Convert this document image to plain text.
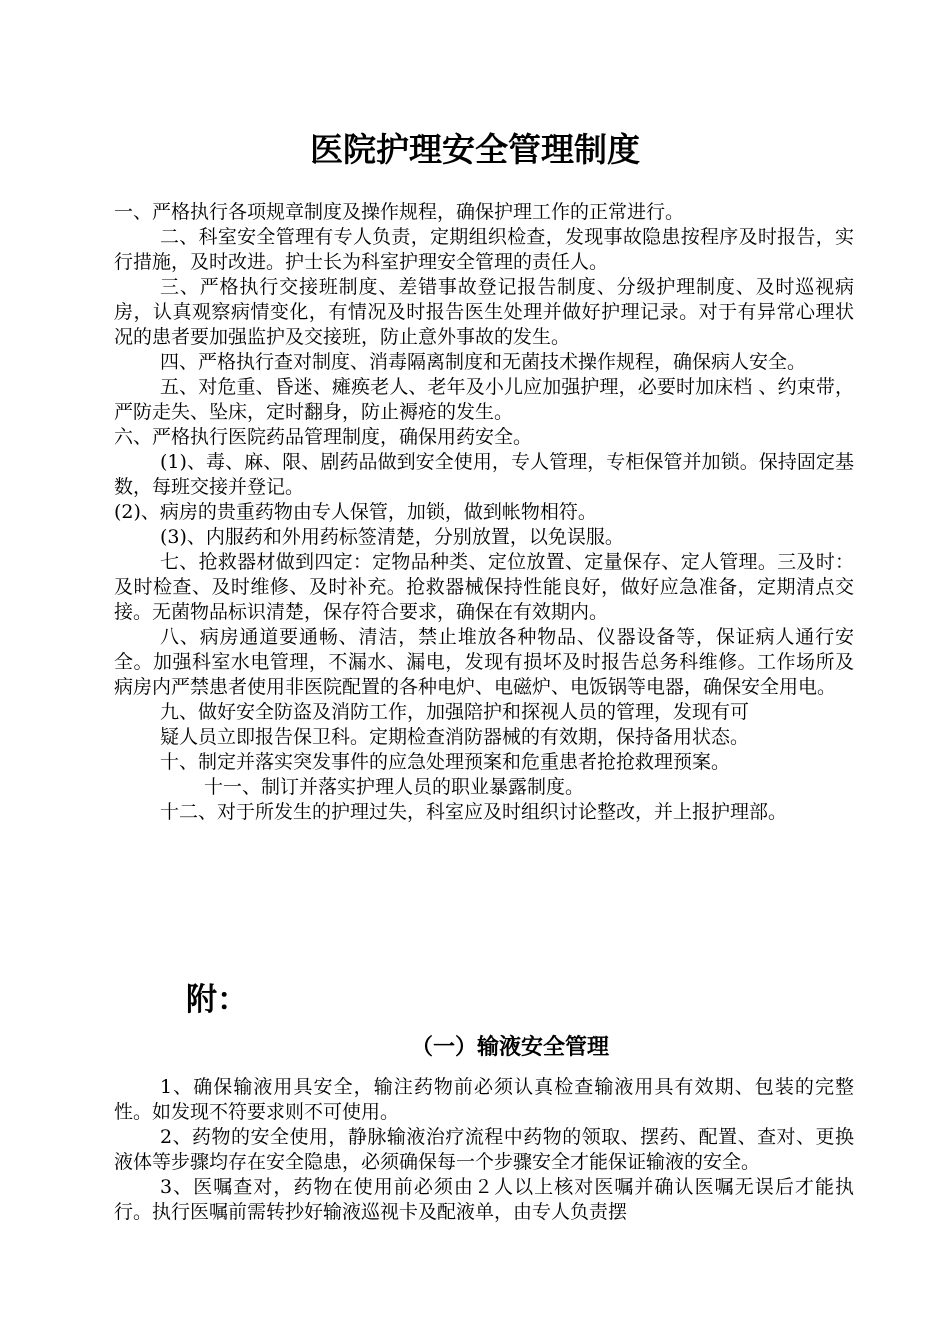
医院护理安全管理制度

一、严格执行各项规章制度及操作规程，确保护理工作的正常进行。

二、科室安全管理有专人负责，定期组织检查，发现事故隐患按程序及时报告，实行措施，及时改进。护士长为科室护理安全管理的责任人。

三、严格执行交接班制度、差错事故登记报告制度、分级护理制度、及时巡视病房，认真观察病情变化，有情况及时报告医生处理并做好护理记录。对于有异常心理状况的患者要加强监护及交接班，防止意外事故的发生。

四、严格执行查对制度、消毒隔离制度和无菌技术操作规程，确保病人安全。

五、对危重、昏迷、瘫痪老人、老年及小儿应加强护理，必要时加床档 、约束带，严防走失、坠床，定时翻身，防止褥疮的发生。

六、严格执行医院药品管理制度，确保用药安全。

(1)、毒、麻、限、剧药品做到安全使用，专人管理，专柜保管并加锁。保持固定基数，每班交接并登记。

(2)、病房的贵重药物由专人保管，加锁，做到帐物相符。

(3)、内服药和外用药标签清楚，分别放置，以免误服。

七、抢救器材做到四定：定物品种类、定位放置、定量保存、定人管理。三及时：及时检查、及时维修、及时补充。抢救器械保持性能良好，做好应急准备，定期清点交接。无菌物品标识清楚，保存符合要求，确保在有效期内。

八、病房通道要通畅、清洁，禁止堆放各种物品、仪器设备等，保证病人通行安全。加强科室水电管理，不漏水、漏电，发现有损坏及时报告总务科维修。工作场所及病房内严禁患者使用非医院配置的各种电炉、电磁炉、电饭锅等电器，确保安全用电。

九、做好安全防盗及消防工作，加强陪护和探视人员的管理，发现有可

疑人员立即报告保卫科。定期检查消防器械的有效期，保持备用状态。

十、制定并落实突发事件的应急处理预案和危重患者抢抢救理预案。

十一、制订并落实护理人员的职业暴露制度。

十二、对于所发生的护理过失，科室应及时组织讨论整改，并上报护理部。

附：
（一）输液安全管理

1、确保输液用具安全，输注药物前必须认真检查输液用具有效期、包装的完整性。如发现不符要求则不可使用。

2、药物的安全使用，静脉输液治疗流程中药物的领取、摆药、配置、查对、更换液体等步骤均存在安全隐患，必须确保每一个步骤安全才能保证输液的安全。

3、医嘱查对，药物在使用前必须由２人以上核对医嘱并确认医嘱无误后才能执行。执行医嘱前需转抄好输液巡视卡及配液单，由专人负责摆
